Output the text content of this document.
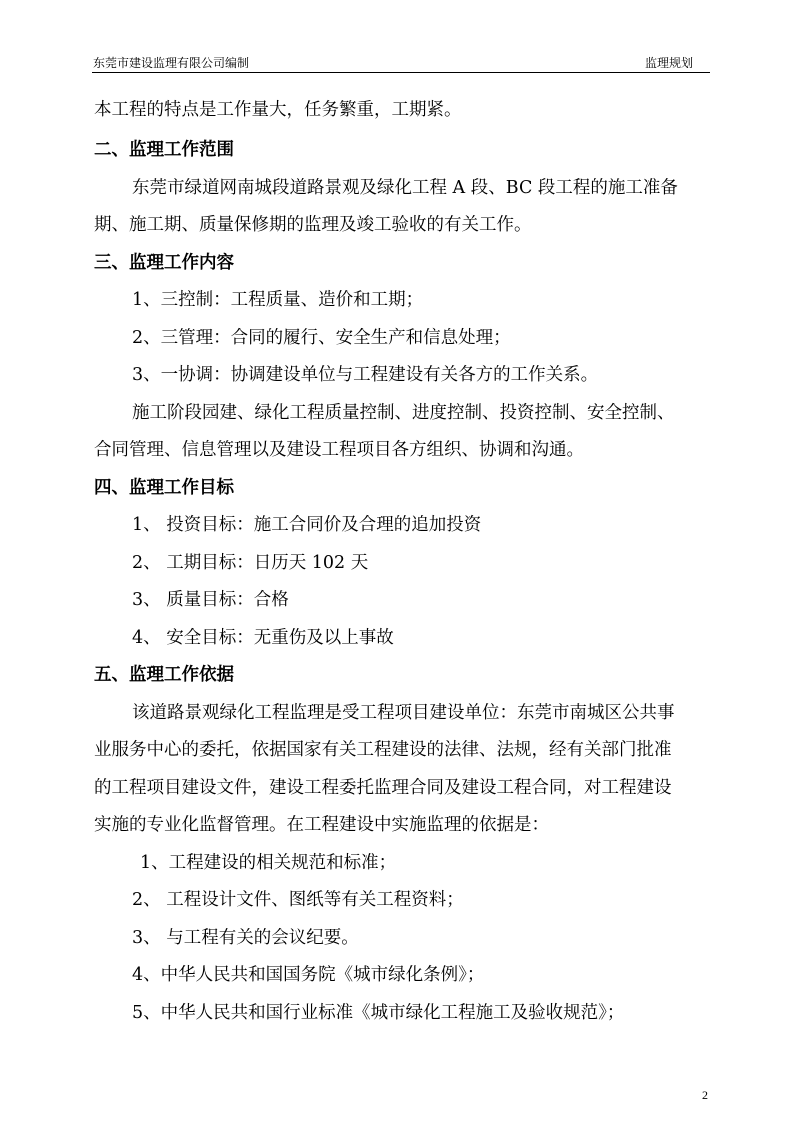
东莞市建设监理有限公司编制	监理规划
本工程的特点是工作量大，任务繁重，工期紧。
二、监理工作范围
东莞市绿道网南城段道路景观及绿化工程 A 段、BC 段工程的施工准备
期、施工期、质量保修期的监理及竣工验收的有关工作。
三、监理工作内容
1、三控制：工程质量、造价和工期；
2、三管理：合同的履行、安全生产和信息处理；
3、一协调：协调建设单位与工程建设有关各方的工作关系。
施工阶段园建、绿化工程质量控制、进度控制、投资控制、安全控制、
合同管理、信息管理以及建设工程项目各方组织、协调和沟通。
四、监理工作目标
1、 投资目标：施工合同价及合理的追加投资
2、 工期目标：日历天 102 天
3、 质量目标：合格
4、 安全目标：无重伤及以上事故
五、监理工作依据
该道路景观绿化工程监理是受工程项目建设单位：东莞市南城区公共事
业服务中心的委托，依据国家有关工程建设的法律、法规，经有关部门批准
的工程项目建设文件，建设工程委托监理合同及建设工程合同，对工程建设
实施的专业化监督管理。在工程建设中实施监理的依据是：
1、工程建设的相关规范和标准；
2、 工程设计文件、图纸等有关工程资料；
3、 与工程有关的会议纪要。
4、中华人民共和国国务院《城市绿化条例》；
5、中华人民共和国行业标准《城市绿化工程施工及验收规范》；
2
